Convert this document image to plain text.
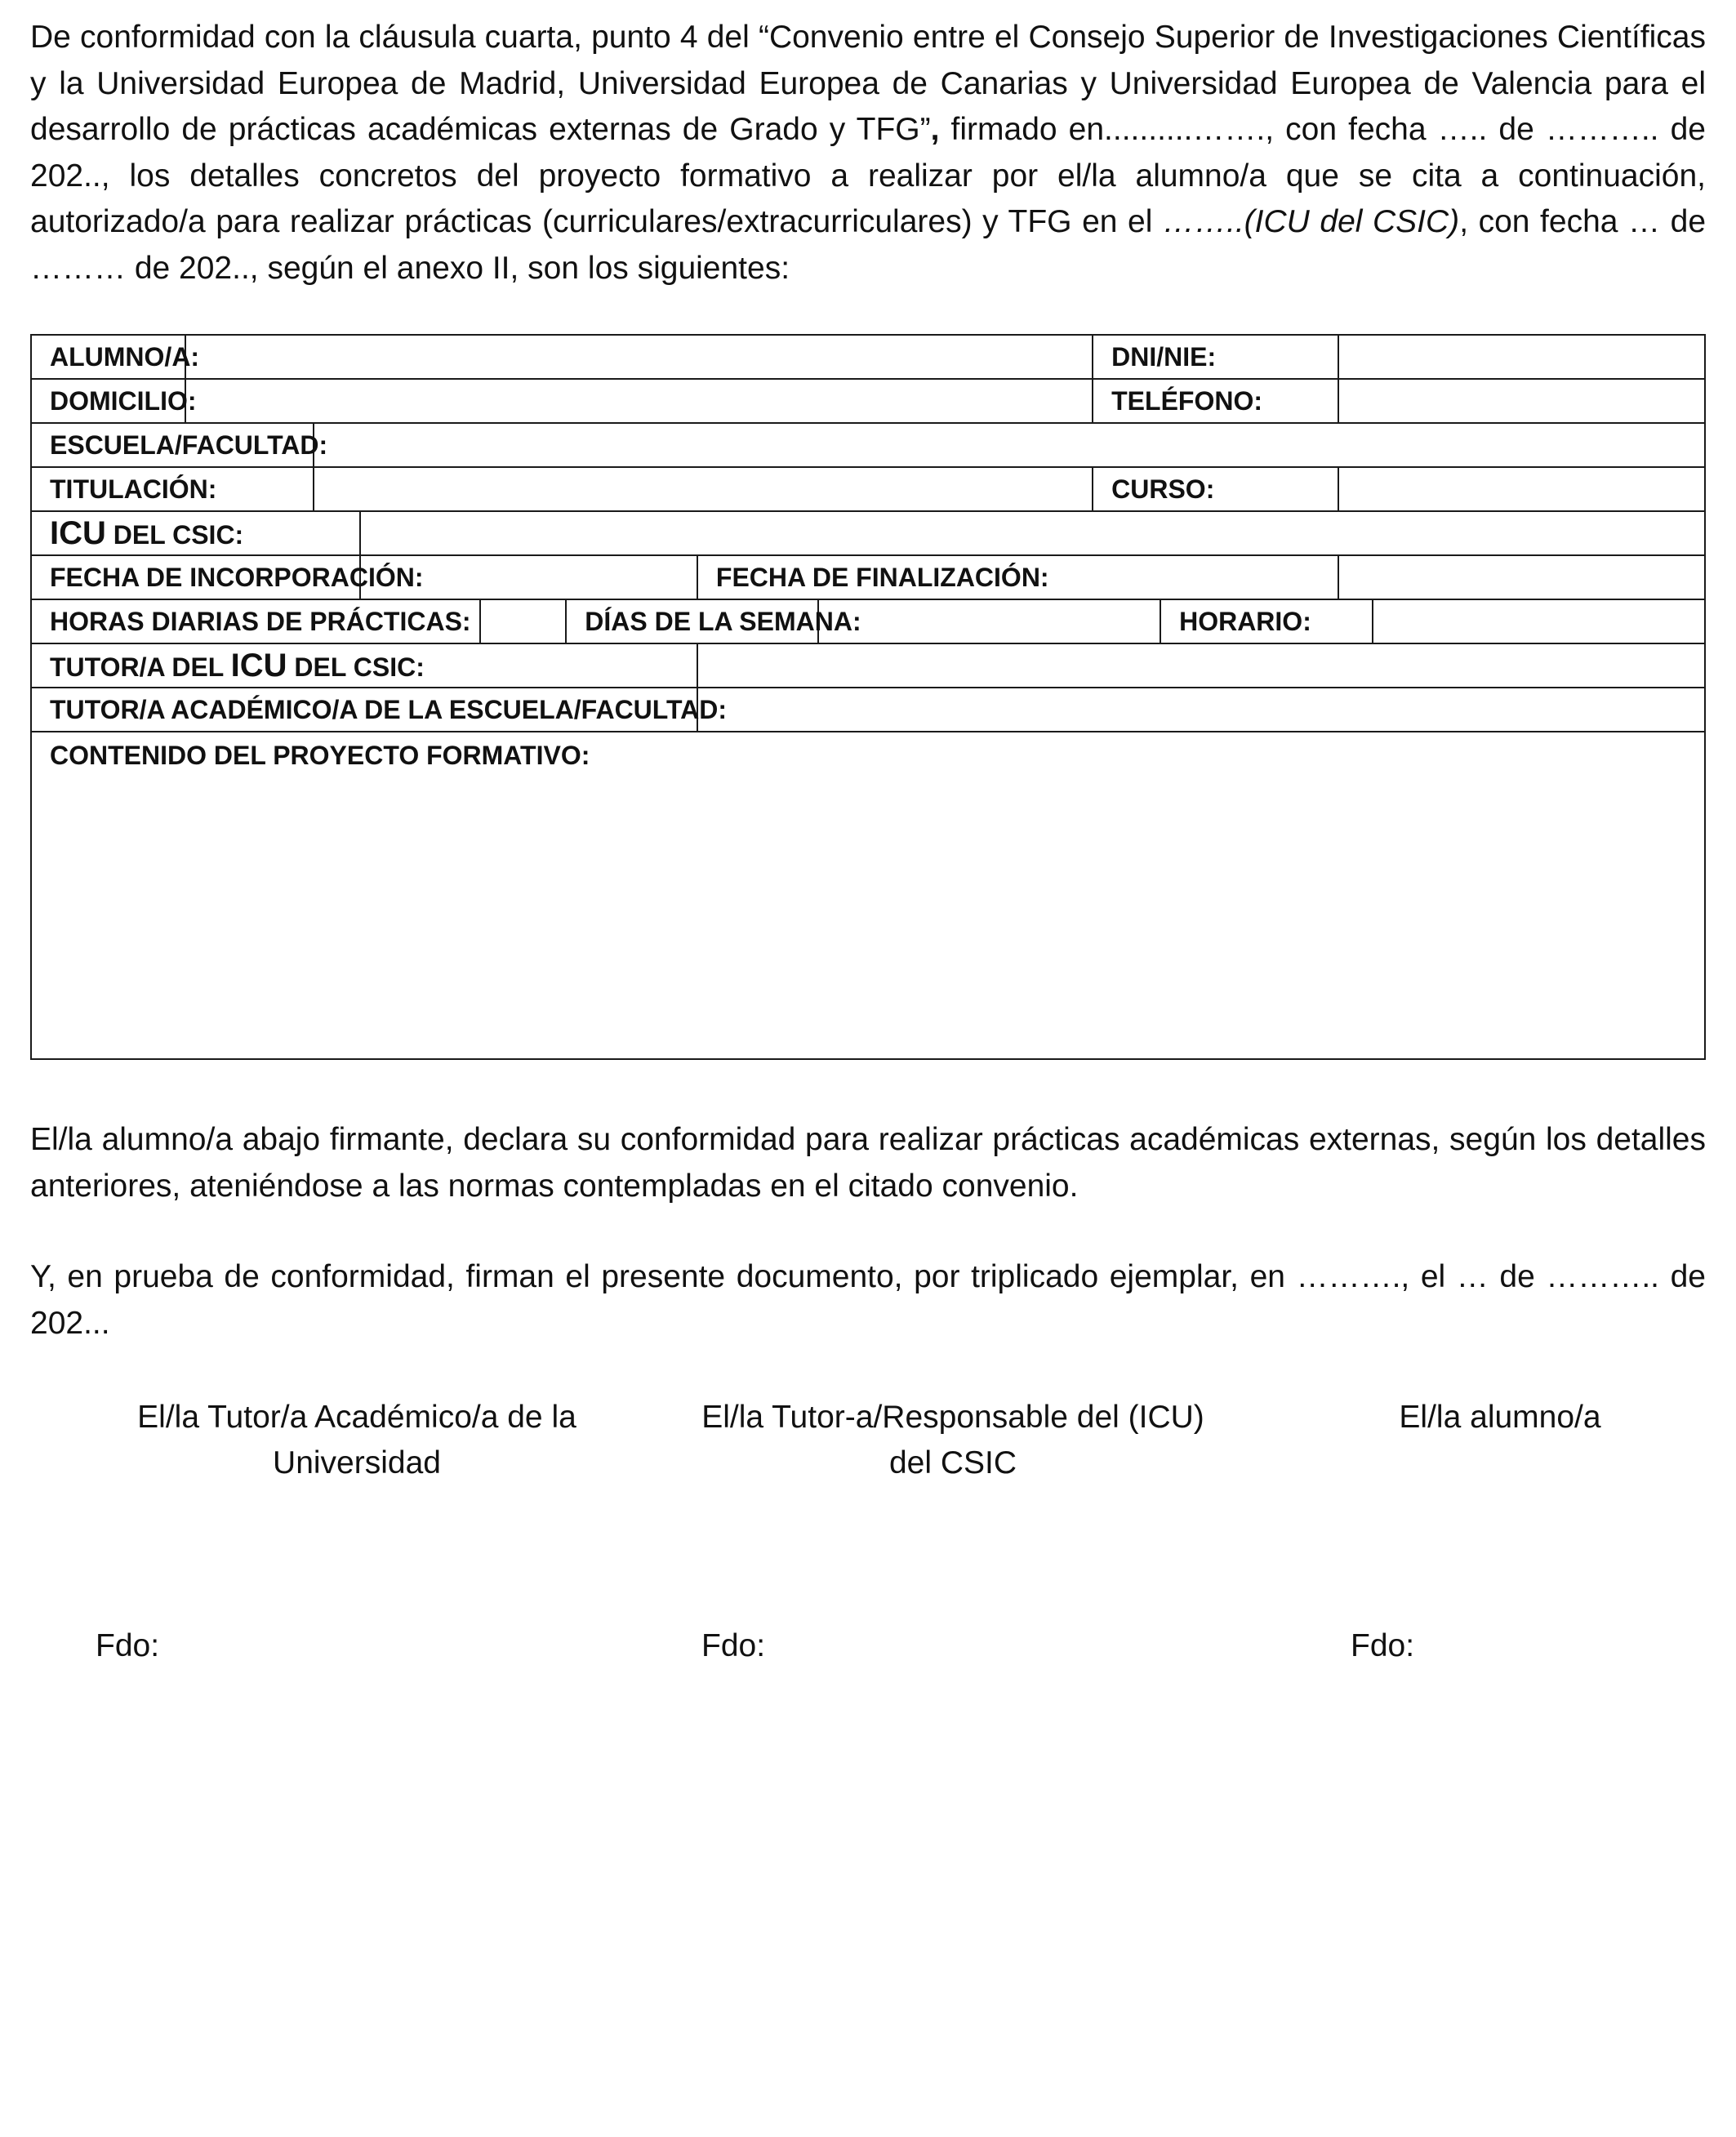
De conformidad con la cláusula cuarta, punto 4 del “Convenio entre el Consejo Superior de Investigaciones Científicas y la Universidad Europea de Madrid, Universidad Europea de Canarias y Universidad Europea de Valencia para el desarrollo de prácticas académicas externas de Grado y TFG”, firmado en..........……., con fecha ….. de ……….. de 202.., los detalles concretos del proyecto formativo a realizar por el/la alumno/a que se cita a continuación, autorizado/a para realizar prácticas (curriculares/extracurriculares) y TFG en el ……..(ICU del CSIC), con fecha … de ……… de 202.., según el anexo II, son los siguientes:

ALUMNO/A:								DNI/NIE:			
DOMICILIO:								TELÉFONO:			
ESCUELA/FACULTAD:											
TITULACIÓN:								CURSO:			
ICU DEL CSIC:											
FECHA DE INCORPORACIÓN:						FECHA DE FINALIZACIÓN:					
HORAS DIARIAS DE PRÁCTICAS:					DÍAS DE LA SEMANA:				HORARIO:		
TUTOR/A DEL ICU DEL CSIC:											
TUTOR/A ACADÉMICO/A DE LA ESCUELA/FACULTAD:											
CONTENIDO DEL PROYECTO FORMATIVO:											

El/la alumno/a abajo firmante, declara su conformidad para realizar prácticas académicas externas, según los detalles anteriores, ateniéndose a las normas contempladas en el citado convenio.

Y, en prueba de conformidad, firman el presente documento, por triplicado ejemplar, en ………., el … de ……….. de 202...

El/la Tutor/a Académico/a de la
Universidad
El/la Tutor-a/Responsable del (ICU)
del CSIC
El/la alumno/a
Fdo:	Fdo:	Fdo:
